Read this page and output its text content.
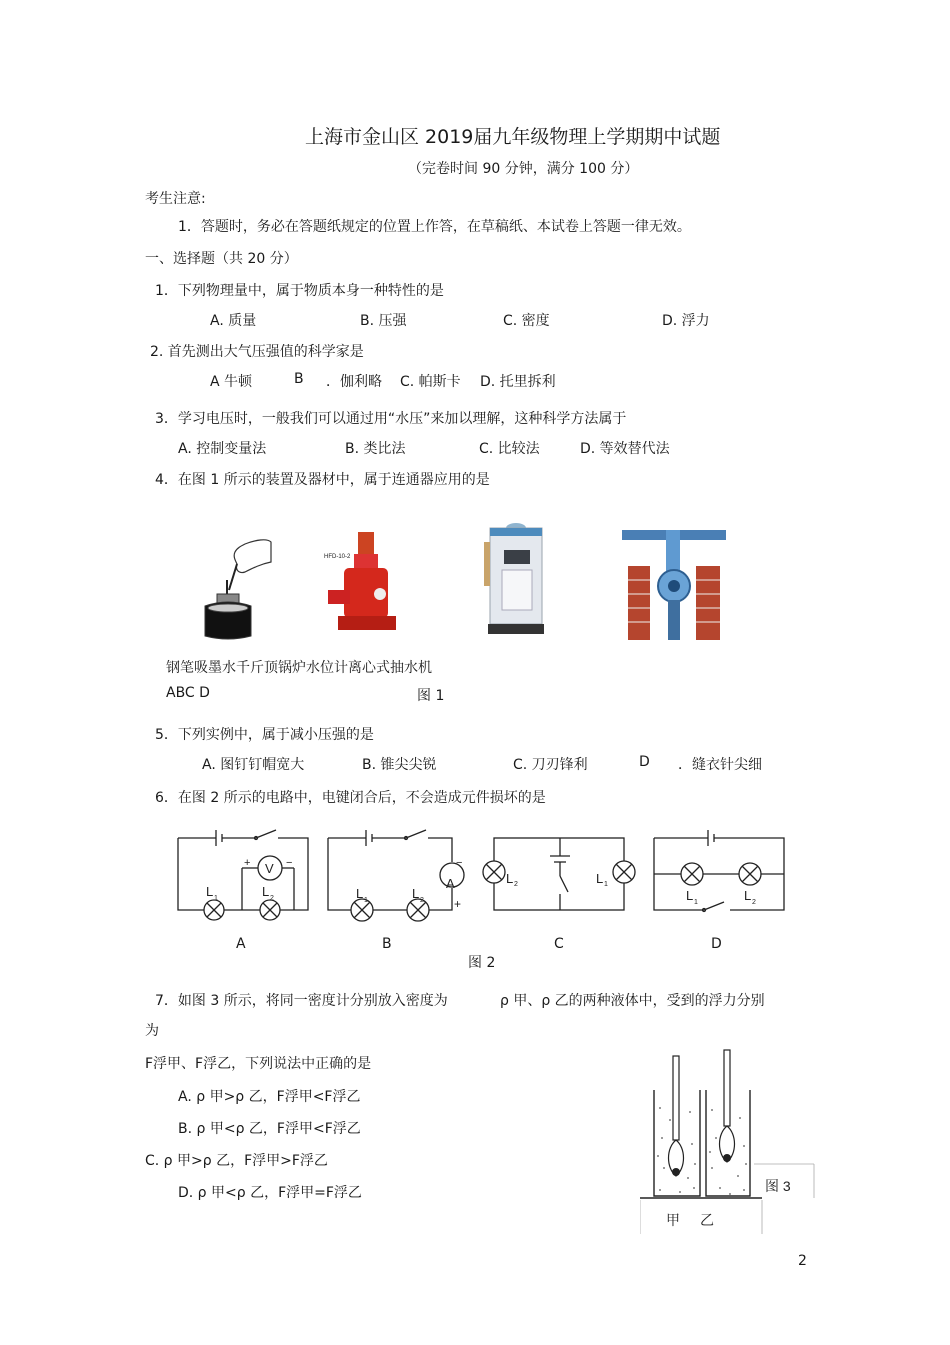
上海市金山区 2019届九年级物理上学期期中试题
（完卷时间 90 分钟，满分 100 分）
考生注意:
1．答题时，务必在答题纸规定的位置上作答，在草稿纸、本试卷上答题一律无效。
一、选择题（共 20 分）
1．下列物理量中，属于物质本身一种特性的是
A. 质量	B. 压强	C. 密度	D. 浮力
2. 首先测出大气压强值的科学家是
A 牛顿	B ．伽利略 C. 帕斯卡 D. 托里拆利
3．学习电压时，一般我们可以通过用“水压”来加以理解，这种科学方法属于
A. 控制变量法	B. 类比法	C. 比较法	D. 等效替代法
4．在图 1 所示的装置及器材中，属于连通器应用的是
HFD-10-2
钢笔吸墨水千斤顶锅炉水位计离心式抽水机
ABC D	图 1
5．下列实例中，属于减小压强的是
A. 图钉钉帽宽大	B. 锥尖尖锐	C. 刀刃锋利	D ．缝衣针尖细
6．在图 2 所示的电路中，电键闭合后，不会造成元件损坏的是
L 1	L 2
V
+	−
L 1	L 2
A
+
−
L 2	L 1
L 1	L 2
A	B	C	D
图 2
7．如图 3 所示，将同一密度计分别放入密度为	ρ 甲、ρ 乙的两种液体中，受到的浮力分别
为
F浮甲、F浮乙，下列说法中正确的是
A. ρ 甲>ρ 乙，F浮甲<F浮乙
B. ρ 甲<ρ 乙，F浮甲<F浮乙
C. ρ 甲>ρ 乙，F浮甲>F浮乙
D. ρ 甲<ρ 乙，F浮甲=F浮乙	图 3
甲 乙
2
